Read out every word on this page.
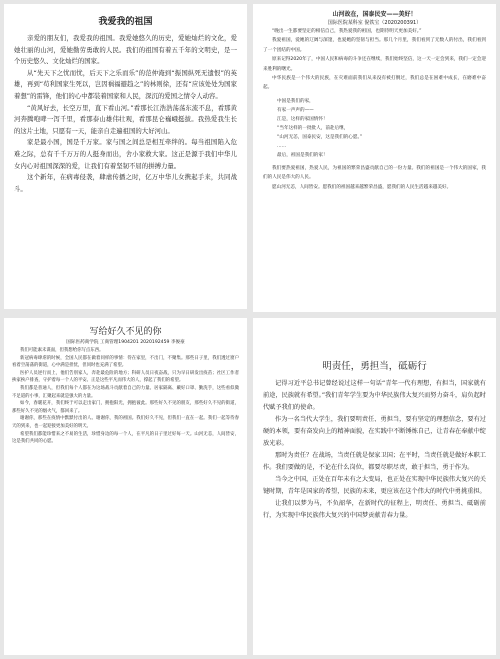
我爱我的祖国

亲爱的朋友们，我爱我的祖国。我爱她悠久的历史，爱她灿烂的文化，爱她壮丽的山河，爱她勤劳勇敢的人民。我们的祖国有着五千年的文明史，是一个历史悠久、文化灿烂的国家。

从“先天下之忧而忧，后天下之乐而乐”的范仲淹到“振国纵死无遗恨”的英雄，再到“苟利国家生死以，岂因祸福避趋之”的林则徐，还有“应该处处为国家着想”的雷锋，他们的心中都装着国家和人民，深沉的爱国之情令人动容。

“黄风好去，长空万里，直下看山河。”看那长江浩浩荡荡东流不息，看那黄河奔腾咆哮一泻千里，看那泰山雄伟壮观，看那昆仑巍峨挺拔。我热爱我生长的这片土地，只愿有一天，能亲自走遍祖国的大好河山。

家是最小国，国是千万家。家与国之间总是相互牵绊的。每当祖国陷入危难之际，总有千千万万的人挺身而出，舍小家救大家。这正是源于我们中华儿女内心对祖国深深的爱，让我们有着坚韧不屈的拼搏力量。

这个新年，在病毒侵袭，肆虐传播之时，亿万中华儿女携起手来，共同战斗。

山河故在，国泰民安——美好！
国际医院某科室 倪铁宝（2020200391）

“晚出一生都要坚定的相信自己，我热爱我的祖国，也期待明天更加美好。”

我爱祖国，爱她的辽阔与深邃，也爱她的坚韧与担当。那几个月里，我们看到了无数人的付出，我们看到了一个团结的中国。

原来记得2020年了，中国人民和病毒的斗争还在继续，我们始终坚信，这一天一定会到来，我们一定会迎来胜利的曙光。

中华民族是一个伟大的民族，在灾难面前我们从来没有被打倒过，我们总是在困难中成长，在磨难中奋起。

中国是我们的家，

有家一声声的——

江是，这样的家国情怀！

“当年这样的一批批人，前赴后继，

“山河无恙，国泰民安，这是我们的心愿。”

……

最后，祖国是我们的家！

我们要热爱祖国，热爱人民，为祖国的繁荣昌盛贡献自己的一份力量。我们的祖国是一个伟大的国家，我们的人民是伟大的人民。

愿山河无恙，人间皆安。愿我们的祖国越来越繁荣昌盛，愿我们的人民生活越来越美好。

写给好久不见的你
国际医药商学院 工商管理1904201 2020192459 李俊豪

我们可能素未谋面，但我想给你写点东西。

新冠病毒肆虐的时候，全国人民都在做着同样的事情：待在家里，不出门，不聚集。那些日子里，我们透过窗户看着空荡荡的街道，心中满是担忧，但同时也充满了希望。

医护人员逆行而上，他们告别家人，奔赴最危险的地方；科研人员日夜奋战，只为早日研发出疫苗；社区工作者挨家挨户排查，守护着每一个人的平安。正是这些平凡而伟大的人，撑起了我们的希望。

我们都是普通人，但我们每个人都在为这场战斗贡献着自己的力量。居家隔离、戴好口罩、勤洗手，这些看似微不足道的小事，汇聚起来就是强大的力量。

如今，春暖花开，我们终于可以走出家门，拥抱阳光，拥抱彼此。那些好久不见的朋友，那些好久不见的街道，那些好久不见的烟火气，都回来了。

谢谢你，那些在疫情中默默付出的人。谢谢你，我的祖国。我们好久不见，但我们一直在一起。我们一起等待春天的到来，也一起迎接更加美好的明天。

希望我们都能珍惜来之不易的生活，珍惜身边的每一个人，在平凡的日子里过好每一天。山河无恙，人间皆安，这是我们共同的心愿。

明责任，勇担当，砥砺行

记得习近平总书记曾经说过这样一句话“青年一代有理想，有担当，国家就有前途，民族就有希望。”我们青年学生要为中华民族伟大复兴而努力奋斗，肩负起时代赋予我们的使命。

作为一名当代大学生，我们要明责任、勇担当，要有坚定的理想信念，要有过硬的本领，要有奋发向上的精神面貌，在实践中不断锤炼自己，让青春在奉献中绽放光彩。

那时为责任？在战场，当责任就是保家卫国；在平时，当责任就是做好本职工作。我们要做的是，不论在什么岗位，都要尽职尽责，敢于担当，勇于作为。

当今之中国，正处在百年未有之大变局，也正处在实现中华民族伟大复兴的关键时期，青年是国家的希望，民族的未来，更应该在这个伟大的时代中勇挑重担。

让我们以梦为马，不负韶华，在新时代的征程上，明责任、勇担当、砥砺前行，为实现中华民族伟大复兴的中国梦贡献青春力量。
